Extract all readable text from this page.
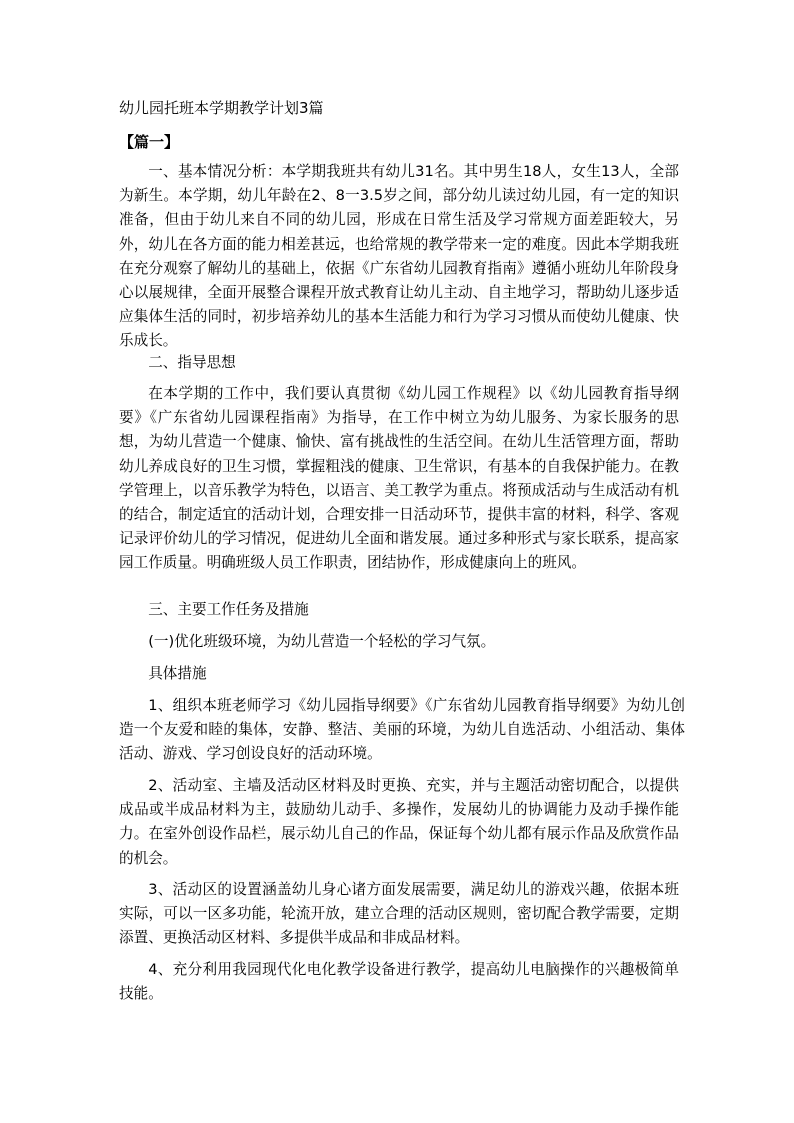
幼儿园托班本学期教学计划3篇
【篇一】

一、基本情况分析：本学期我班共有幼儿31名。其中男生18人，女生13人，全部为新生。本学期，幼儿年龄在2、8一3.5岁之间，部分幼儿读过幼儿园，有一定的知识准备，但由于幼儿来自不同的幼儿园，形成在日常生活及学习常规方面差距较大，另外，幼儿在各方面的能力相差甚远，也给常规的教学带来一定的难度。因此本学期我班在充分观察了解幼儿的基础上，依据《广东省幼儿园教育指南》遵循小班幼儿年阶段身心以展规律，全面开展整合课程开放式教育让幼儿主动、自主地学习，帮助幼儿逐步适应集体生活的同时，初步培养幼儿的基本生活能力和行为学习习惯从而使幼儿健康、快乐成长。

二、指导思想

在本学期的工作中，我们要认真贯彻《幼儿园工作规程》以《幼儿园教育指导纲要》《广东省幼儿园课程指南》为指导，在工作中树立为幼儿服务、为家长服务的思想，为幼儿营造一个健康、愉快、富有挑战性的生活空间。在幼儿生活管理方面，帮助幼儿养成良好的卫生习惯，掌握粗浅的健康、卫生常识，有基本的自我保护能力。在教学管理上，以音乐教学为特色，以语言、美工教学为重点。将预成活动与生成活动有机的结合，制定适宜的活动计划，合理安排一日活动环节，提供丰富的材料，科学、客观记录评价幼儿的学习情况，促进幼儿全面和谐发展。通过多种形式与家长联系，提高家园工作质量。明确班级人员工作职责，团结协作，形成健康向上的班风。

三、主要工作任务及措施

(一)优化班级环境，为幼儿营造一个轻松的学习气氛。

具体措施

1、组织本班老师学习《幼儿园指导纲要》《广东省幼儿园教育指导纲要》为幼儿创造一个友爱和睦的集体，安静、整洁、美丽的环境，为幼儿自选活动、小组活动、集体活动、游戏、学习创设良好的活动环境。

2、活动室、主墙及活动区材料及时更换、充实，并与主题活动密切配合，以提供成品或半成品材料为主，鼓励幼儿动手、多操作，发展幼儿的协调能力及动手操作能力。在室外创设作品栏，展示幼儿自己的作品，保证每个幼儿都有展示作品及欣赏作品的机会。

3、活动区的设置涵盖幼儿身心诸方面发展需要，满足幼儿的游戏兴趣，依据本班实际，可以一区多功能，轮流开放，建立合理的活动区规则，密切配合教学需要，定期添置、更换活动区材料、多提供半成品和非成品材料。

4、充分利用我园现代化电化教学设备进行教学，提高幼儿电脑操作的兴趣极简单技能。
